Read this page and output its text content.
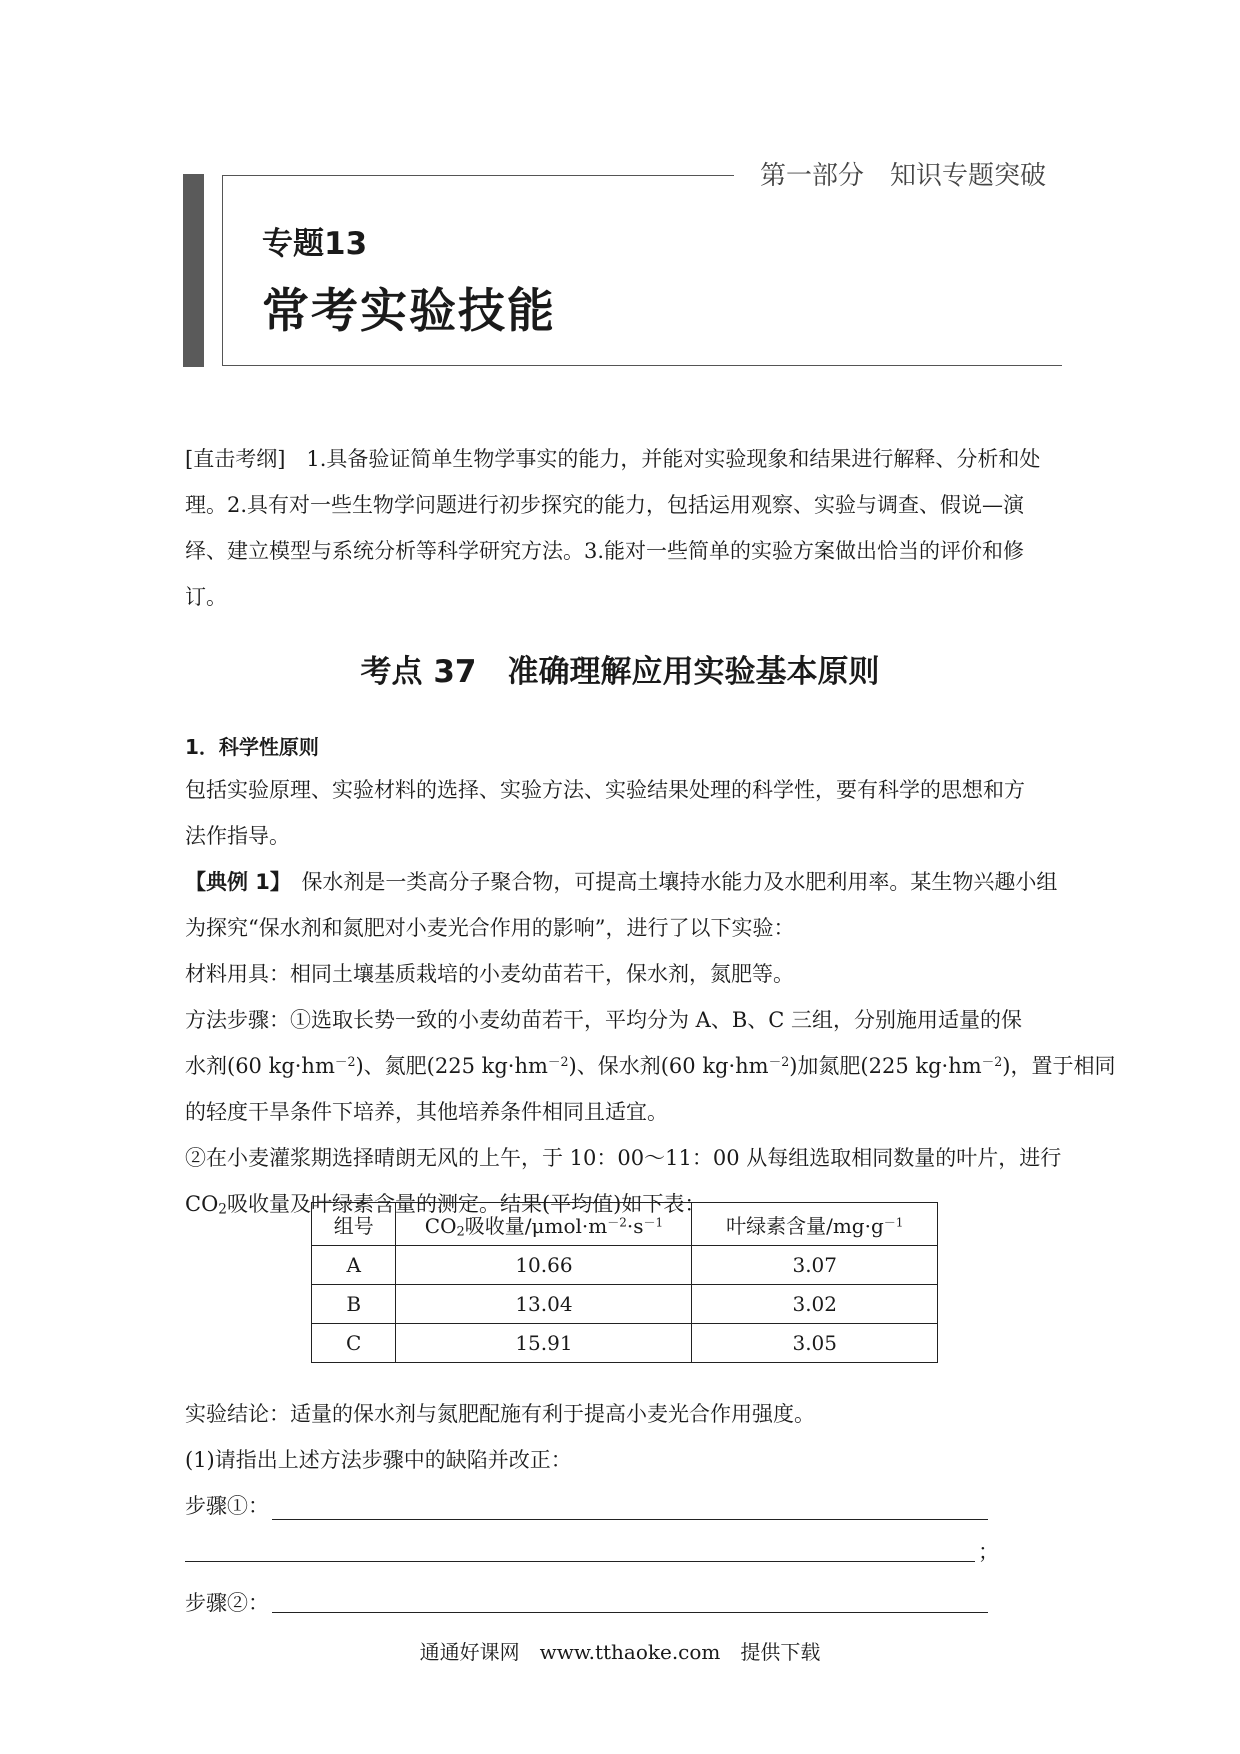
第一部分　知识专题突破
专题13
常考实验技能
[直击考纲]　1.具备验证简单生物学事实的能力，并能对实验现象和结果进行解释、分析和处
理。2.具有对一些生物学问题进行初步探究的能力，包括运用观察、实验与调查、假说—演
绎、建立模型与系统分析等科学研究方法。3.能对一些简单的实验方案做出恰当的评价和修
订。
考点 37　准确理解应用实验基本原则
1．科学性原则
包括实验原理、实验材料的选择、实验方法、实验结果处理的科学性，要有科学的思想和方
法作指导。
【典例 1】　 保水剂是一类高分子聚合物，可提高土壤持水能力及水肥利用率。某生物兴趣小组
为探究“保水剂和氮肥对小麦光合作用的影响”，进行了以下实验：
材料用具：相同土壤基质栽培的小麦幼苗若干，保水剂，氮肥等。
方法步骤：①选取长势一致的小麦幼苗若干，平均分为 A、B、C 三组，分别施用适量的保
水剂(60 $kg\cdot hm^{-2}$)、氮肥(225 $kg\cdot hm^{-2}$)、保水剂(60 $kg\cdot hm^{-2}$)加氮肥(225 $kg\cdot hm^{-2}$)，置于相同
的轻度干旱条件下培养，其他培养条件相同且适宜。
②在小麦灌浆期选择晴朗无风的上午，于 10：00～11：00 从每组选取相同数量的叶片，进行
$CO_2$吸收量及叶绿素含量的测定。结果(平均值)如下表：
组号	$CO_2$吸收量$/\mu mol\cdot m^{-2}\cdot s^{-1}$	叶绿素含量$/mg\cdot g^{-1}$
A	10.66	3.07
B	13.04	3.02
C	15.91	3.05
实验结论：适量的保水剂与氮肥配施有利于提高小麦光合作用强度。
(1)请指出上述方法步骤中的缺陷并改正：
步骤①：
；
步骤②：
通通好课网　www.tthaoke.com　提供下载
